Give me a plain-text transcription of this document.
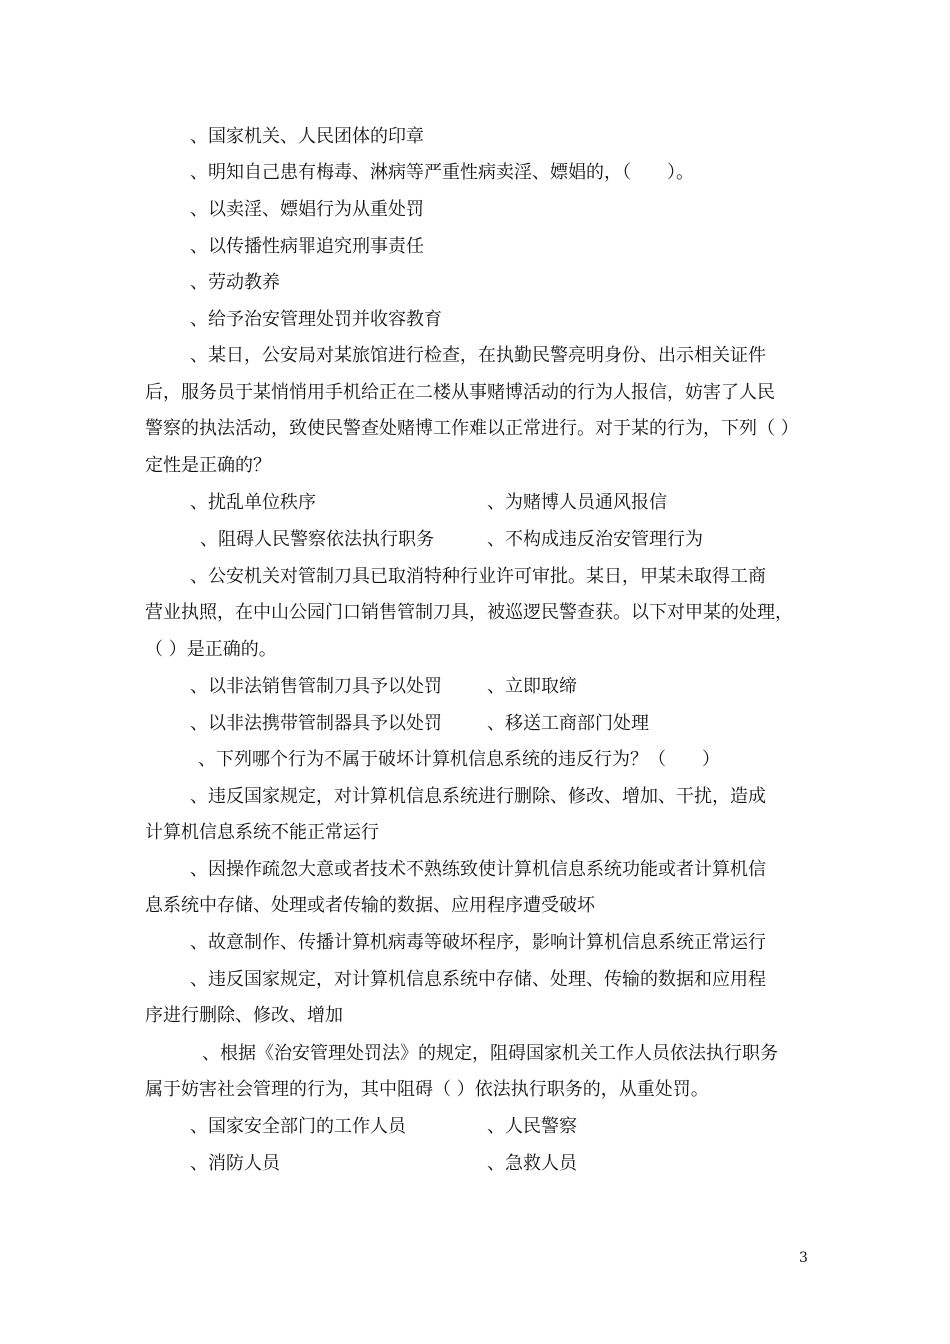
、国家机关、人民团体的印章
、明知自己患有梅毒、淋病等严重性病卖淫、嫖娼的，（　　）。
、以卖淫、嫖娼行为从重处罚
、以传播性病罪追究刑事责任
、劳动教养
、给予治安管理处罚并收容教育
、某日，公安局对某旅馆进行检查，在执勤民警亮明身份、出示相关证件
后，服务员于某悄悄用手机给正在二楼从事赌博活动的行为人报信，妨害了人民
警察的执法活动，致使民警查处赌博工作难以正常进行。对于某的行为，下列（ ）
定性是正确的？
、扰乱单位秩序	、为赌博人员通风报信
、阻碍人民警察依法执行职务	、不构成违反治安管理行为
、公安机关对管制刀具已取消特种行业许可审批。某日，甲某未取得工商
营业执照，在中山公园门口销售管制刀具，被巡逻民警查获。以下对甲某的处理，
（ ）是正确的。
、以非法销售管制刀具予以处罚	、立即取缔
、以非法携带管制器具予以处罚	、移送工商部门处理
、下列哪个行为不属于破坏计算机信息系统的违反行为？（　　）
、违反国家规定，对计算机信息系统进行删除、修改、增加、干扰，造成
计算机信息系统不能正常运行
、因操作疏忽大意或者技术不熟练致使计算机信息系统功能或者计算机信
息系统中存储、处理或者传输的数据、应用程序遭受破坏
、故意制作、传播计算机病毒等破坏程序，影响计算机信息系统正常运行
、违反国家规定，对计算机信息系统中存储、处理、传输的数据和应用程
序进行删除、修改、增加
、根据《治安管理处罚法》的规定，阻碍国家机关工作人员依法执行职务
属于妨害社会管理的行为，其中阻碍（ ）依法执行职务的，从重处罚。
、国家安全部门的工作人员	、人民警察
、消防人员	、急救人员
3
